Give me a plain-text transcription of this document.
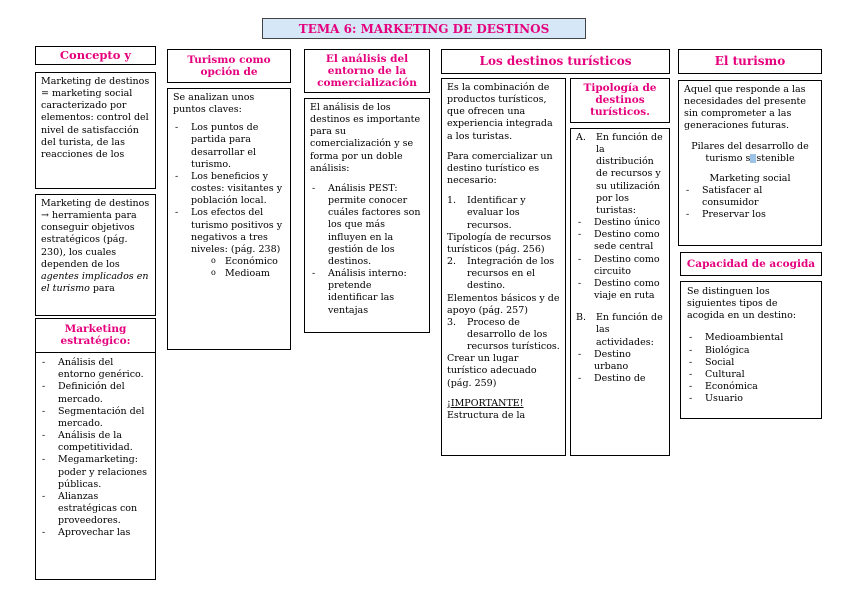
TEMA 6: MARKETING DE DESTINOS
Concepto y
Marketing de destinos = marketing social caracterizado por elementos: control del nivel de satisfacción del turista, de las reacciones de los
Marketing de destinos → herramienta para conseguir objetivos estratégicos (pág. 230), los cuales dependen de los agentes implicados en el turismo para
Marketing estratégico:
- Análisis del entorno genérico.
- Definición del mercado.
- Segmentación del mercado.
- Análisis de la competitividad.
- Megamarketing: poder y relaciones públicas.
- Alianzas estratégicas con proveedores.
- Aprovechar las
Turismo como opción de

Se analizan unos puntos claves:

- Los puntos de partida para desarrollar el turismo.
- Los beneficios y costes: visitantes y población local.
- Los efectos del turismo positivos y negativos a tres niveles: (pág. 238)
o Económico
o Medioam
El análisis del entorno de la comercialización

El análisis de los destinos es importante para su comercialización y se forma por un doble análisis:

- Análisis PEST: permite conocer cuáles factores son los que más influyen en la gestión de los destinos.
- Análisis interno: pretende identificar las ventajas
Los destinos turísticos

Es la combinación de productos turísticos, que ofrecen una experiencia integrada a los turistas.

Para comercializar un destino turístico es necesario:

1. Identificar y evaluar los recursos.
Tipología de recursos turísticos (pág. 256)
2. Integración de los recursos en el destino.
Elementos básicos y de apoyo (pág. 257)
3. Proceso de desarrollo de los recursos turísticos.

Crear un lugar turístico adecuado (pág. 259)

¡IMPORTANTE!
Estructura de la
Tipología de destinos turísticos.
A. En función de la distribución de recursos y su utilización por los turistas:
- Destino único
- Destino como sede central
- Destino como circuito
- Destino como viaje en ruta
B. En función de las actividades:
- Destino urbano
- Destino de
El turismo

Aquel que responde a las necesidades del presente sin comprometer a las generaciones futuras.

Pilares del desarrollo de turismo s stenible
Marketing social
- Satisfacer al consumidor
- Preservar los
Capacidad de acogida

Se distinguen los siguientes tipos de acogida en un destino:

- Medioambiental
- Biológica
- Social
- Cultural
- Económica
- Usuario
